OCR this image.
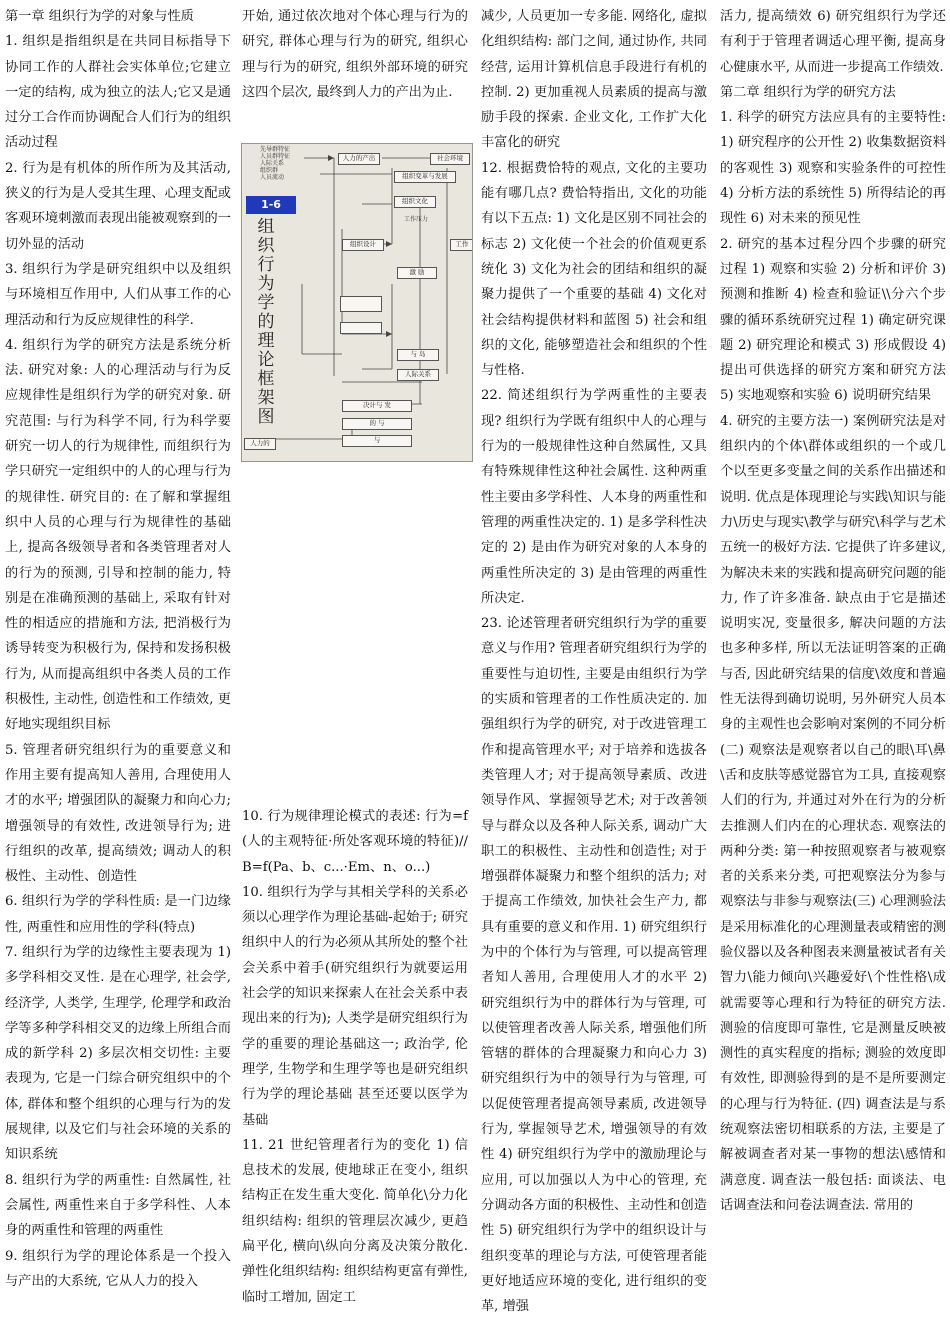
第一章 组织行为学的对象与性质

1. 组织是指组织是在共同目标指导下协同工作的人群社会实体单位;它建立一定的结构, 成为独立的法人;它又是通过分工合作而协调配合人们行为的组织活动过程

2. 行为是有机体的所作所为及其活动, 狭义的行为是人受其生理、心理支配或客观环境刺激而表现出能被观察到的一切外显的活动

3. 组织行为学是研究组织中以及组织与环境相互作用中, 人们从事工作的心理活动和行为反应规律性的科学.

4. 组织行为学的研究方法是系统分析法. 研究对象: 人的心理活动与行为反应规律性是组织行为学的研究对象. 研究范围: 与行为科学不同, 行为科学要研究一切人的行为规律性, 而组织行为学只研究一定组织中的人的心理与行为的规律性. 研究目的: 在了解和掌握组织中人员的心理与行为规律性的基础上, 提高各级领导者和各类管理者对人的行为的预测, 引导和控制的能力, 特别是在准确预测的基础上, 采取有针对性的相适应的措施和方法, 把消极行为诱导转变为积极行为, 保持和发扬积极行为, 从而提高组织中各类人员的工作积极性, 主动性, 创造性和工作绩效, 更好地实现组织目标

5. 管理者研究组织行为的重要意义和作用主要有提高知人善用, 合理使用人才的水平; 增强团队的凝聚力和向心力; 增强领导的有效性, 改进领导行为; 进行组织的改革, 提高绩效; 调动人的积极性、主动性、创造性

6. 组织行为学的学科性质: 是一门边缘性, 两重性和应用性的学科(特点)

7. 组织行为学的边缘性主要表现为 1) 多学科相交叉性. 是在心理学, 社会学, 经济学, 人类学, 生理学, 伦理学和政治学等多种学科相交叉的边缘上所组合而成的新学科 2) 多层次相交切性: 主要表现为, 它是一门综合研究组织中的个体, 群体和整个组织的心理与行为的发展规律, 以及它们与社会环境的关系的知识系统

8. 组织行为学的两重性: 自然属性, 社会属性, 两重性来自于多学科性、人本身的两重性和管理的两重性

9. 组织行为学的理论体系是一个投入与产出的大系统, 它从人力的投入

开始, 通过依次地对个体心理与行为的研究, 群体心理与行为的研究, 组织心理与行为的研究, 组织外部环境的研究这四个层次, 最终到人力的产出为止.

先导群特征
人员群特征
人际关系
组织群
人员流动
人力的产出	社会环境
组织变革与发展
组织文化
工作压力
组织设计	工作
激 励
与 岛
人际关系
决计与 发
的 与
与
人力的
1-6
组织行为学的理论框架图

10. 行为规律理论模式的表述: 行为=f(人的主观特征·所处客观环境的特征)//B=f(Pa、b、c...·Em、n、o...)

10. 组织行为学与其相关学科的关系必须以心理学作为理论基础-起始于; 研究组织中人的行为必须从其所处的整个社会关系中着手(研究组织行为就要运用社会学的知识来探索人在社会关系中表现出来的行为); 人类学是研究组织行为学的重要的理论基础这一; 政治学, 伦理学, 生物学和生理学等也是研究组织行为学的理论基础 甚至还要以医学为基础

11. 21 世纪管理者行为的变化 1) 信息技术的发展, 使地球正在变小, 组织结构正在发生重大变化. 简单化\分力化组织结构: 组织的管理层次减少, 更趋扁平化, 横向\纵向分离及决策分散化. 弹性化组织结构: 组织结构更富有弹性, 临时工增加, 固定工

减少, 人员更加一专多能. 网络化, 虚拟化组织结构: 部门之间, 通过协作, 共同经营, 运用计算机信息手段进行有机的控制. 2) 更加重视人员素质的提高与激励手段的探索. 企业文化, 工作扩大化 丰富化的研究

12. 根据费恰特的观点, 文化的主要功能有哪几点? 费恰特指出, 文化的功能有以下五点: 1) 文化是区别不同社会的标志 2) 文化使一个社会的价值观更系统化 3) 文化为社会的团结和组织的凝聚力提供了一个重要的基础 4) 文化对社会结构提供材料和蓝图 5) 社会和组织的文化, 能够塑造社会和组织的个性与性格.

22. 简述组织行为学两重性的主要表现? 组织行为学既有组织中人的心理与行为的一般规律性这种自然属性, 又具有特殊规律性这种社会属性. 这种两重性主要由多学科性、人本身的两重性和管理的两重性决定的. 1) 是多学科性决定的 2) 是由作为研究对象的人本身的两重性所决定的 3) 是由管理的两重性所决定.

23. 论述管理者研究组织行为学的重要意义与作用? 管理者研究组织行为学的重要性与迫切性, 主要是由组织行为学的实质和管理者的工作性质决定的. 加强组织行为学的研究, 对于改进管理工作和提高管理水平; 对于培养和选拔各类管理人才; 对于提高领导素质、改进领导作风、掌握领导艺术; 对于改善领导与群众以及各种人际关系, 调动广大职工的积极性、主动性和创造性; 对于增强群体凝聚力和整个组织的活力; 对于提高工作绩效, 加快社会生产力, 都具有重要的意义和作用. 1) 研究组织行为中的个体行为与管理, 可以提高管理者知人善用, 合理使用人才的水平 2) 研究组织行为中的群体行为与管理, 可以使管理者改善人际关系, 增强他们所管辖的群体的合理凝聚力和向心力 3) 研究组织行为中的领导行为与管理, 可以促使管理者提高领导素质, 改进领导行为, 掌握领导艺术, 增强领导的有效性 4) 研究组织行为学中的激励理论与应用, 可以加强以人为中心的管理, 充分调动各方面的积极性、主动性和创造性 5) 研究组织行为学中的组织设计与组织变革的理论与方法, 可使管理者能更好地适应环境的变化, 进行组织的变革, 增强

活力, 提高绩效 6) 研究组织行为学还有利于于管理者调适心理平衡, 提高身心健康水平, 从而进一步提高工作绩效.

第二章 组织行为学的研究方法

1. 科学的研究方法应具有的主要特性: 1) 研究程序的公开性 2) 收集数据资料的客观性 3) 观察和实验条件的可控性 4) 分析方法的系统性 5) 所得结论的再现性 6) 对未来的预见性

2. 研究的基本过程分四个步骤的研究过程 1) 观察和实验 2) 分析和评价 3) 预测和推断 4) 检查和验证\\分六个步骤的循环系统研究过程 1) 确定研究课题 2) 研究理论和模式 3) 形成假设 4) 提出可供选择的研究方案和研究方法 5) 实地观察和实验 6) 说明研究结果

4. 研究的主要方法一) 案例研究法是对组织内的个体\群体或组织的一个或几个以至更多变量之间的关系作出描述和说明. 优点是体现理论与实践\知识与能力\历史与现实\教学与研究\科学与艺术五统一的极好方法. 它提供了许多建议, 为解决未来的实践和提高研究问题的能力, 作了许多准备. 缺点由于它是描述说明实况, 变量很多, 解决问题的方法也多种多样, 所以无法证明答案的正确与否, 因此研究结果的信度\效度和普遍性无法得到确切说明, 另外研究人员本身的主观性也会影响对案例的不同分析(二) 观察法是观察者以自己的眼\耳\鼻\舌和皮肤等感觉器官为工具, 直接观察人们的行为, 并通过对外在行为的分析去推测人们内在的心理状态. 观察法的两种分类: 第一种按照观察者与被观察者的关系来分类, 可把观察法分为参与观察法与非参与观察法(三) 心理测验法是采用标准化的心理测量表或精密的测验仪器以及各种图表来测量被试者有关智力\能力倾向\兴趣爱好\个性性格\成就需要等心理和行为特征的研究方法. 测验的信度即可靠性, 它是测量反映被测性的真实程度的指标; 测验的效度即有效性, 即测验得到的是不是所要测定的心理与行为特征. (四) 调查法是与系统观察法密切相联系的方法, 主要是了解被调查者对某一事物的想法\感情和满意度. 调查法一般包括: 面谈法、电话调查法和问卷法调查法. 常用的
